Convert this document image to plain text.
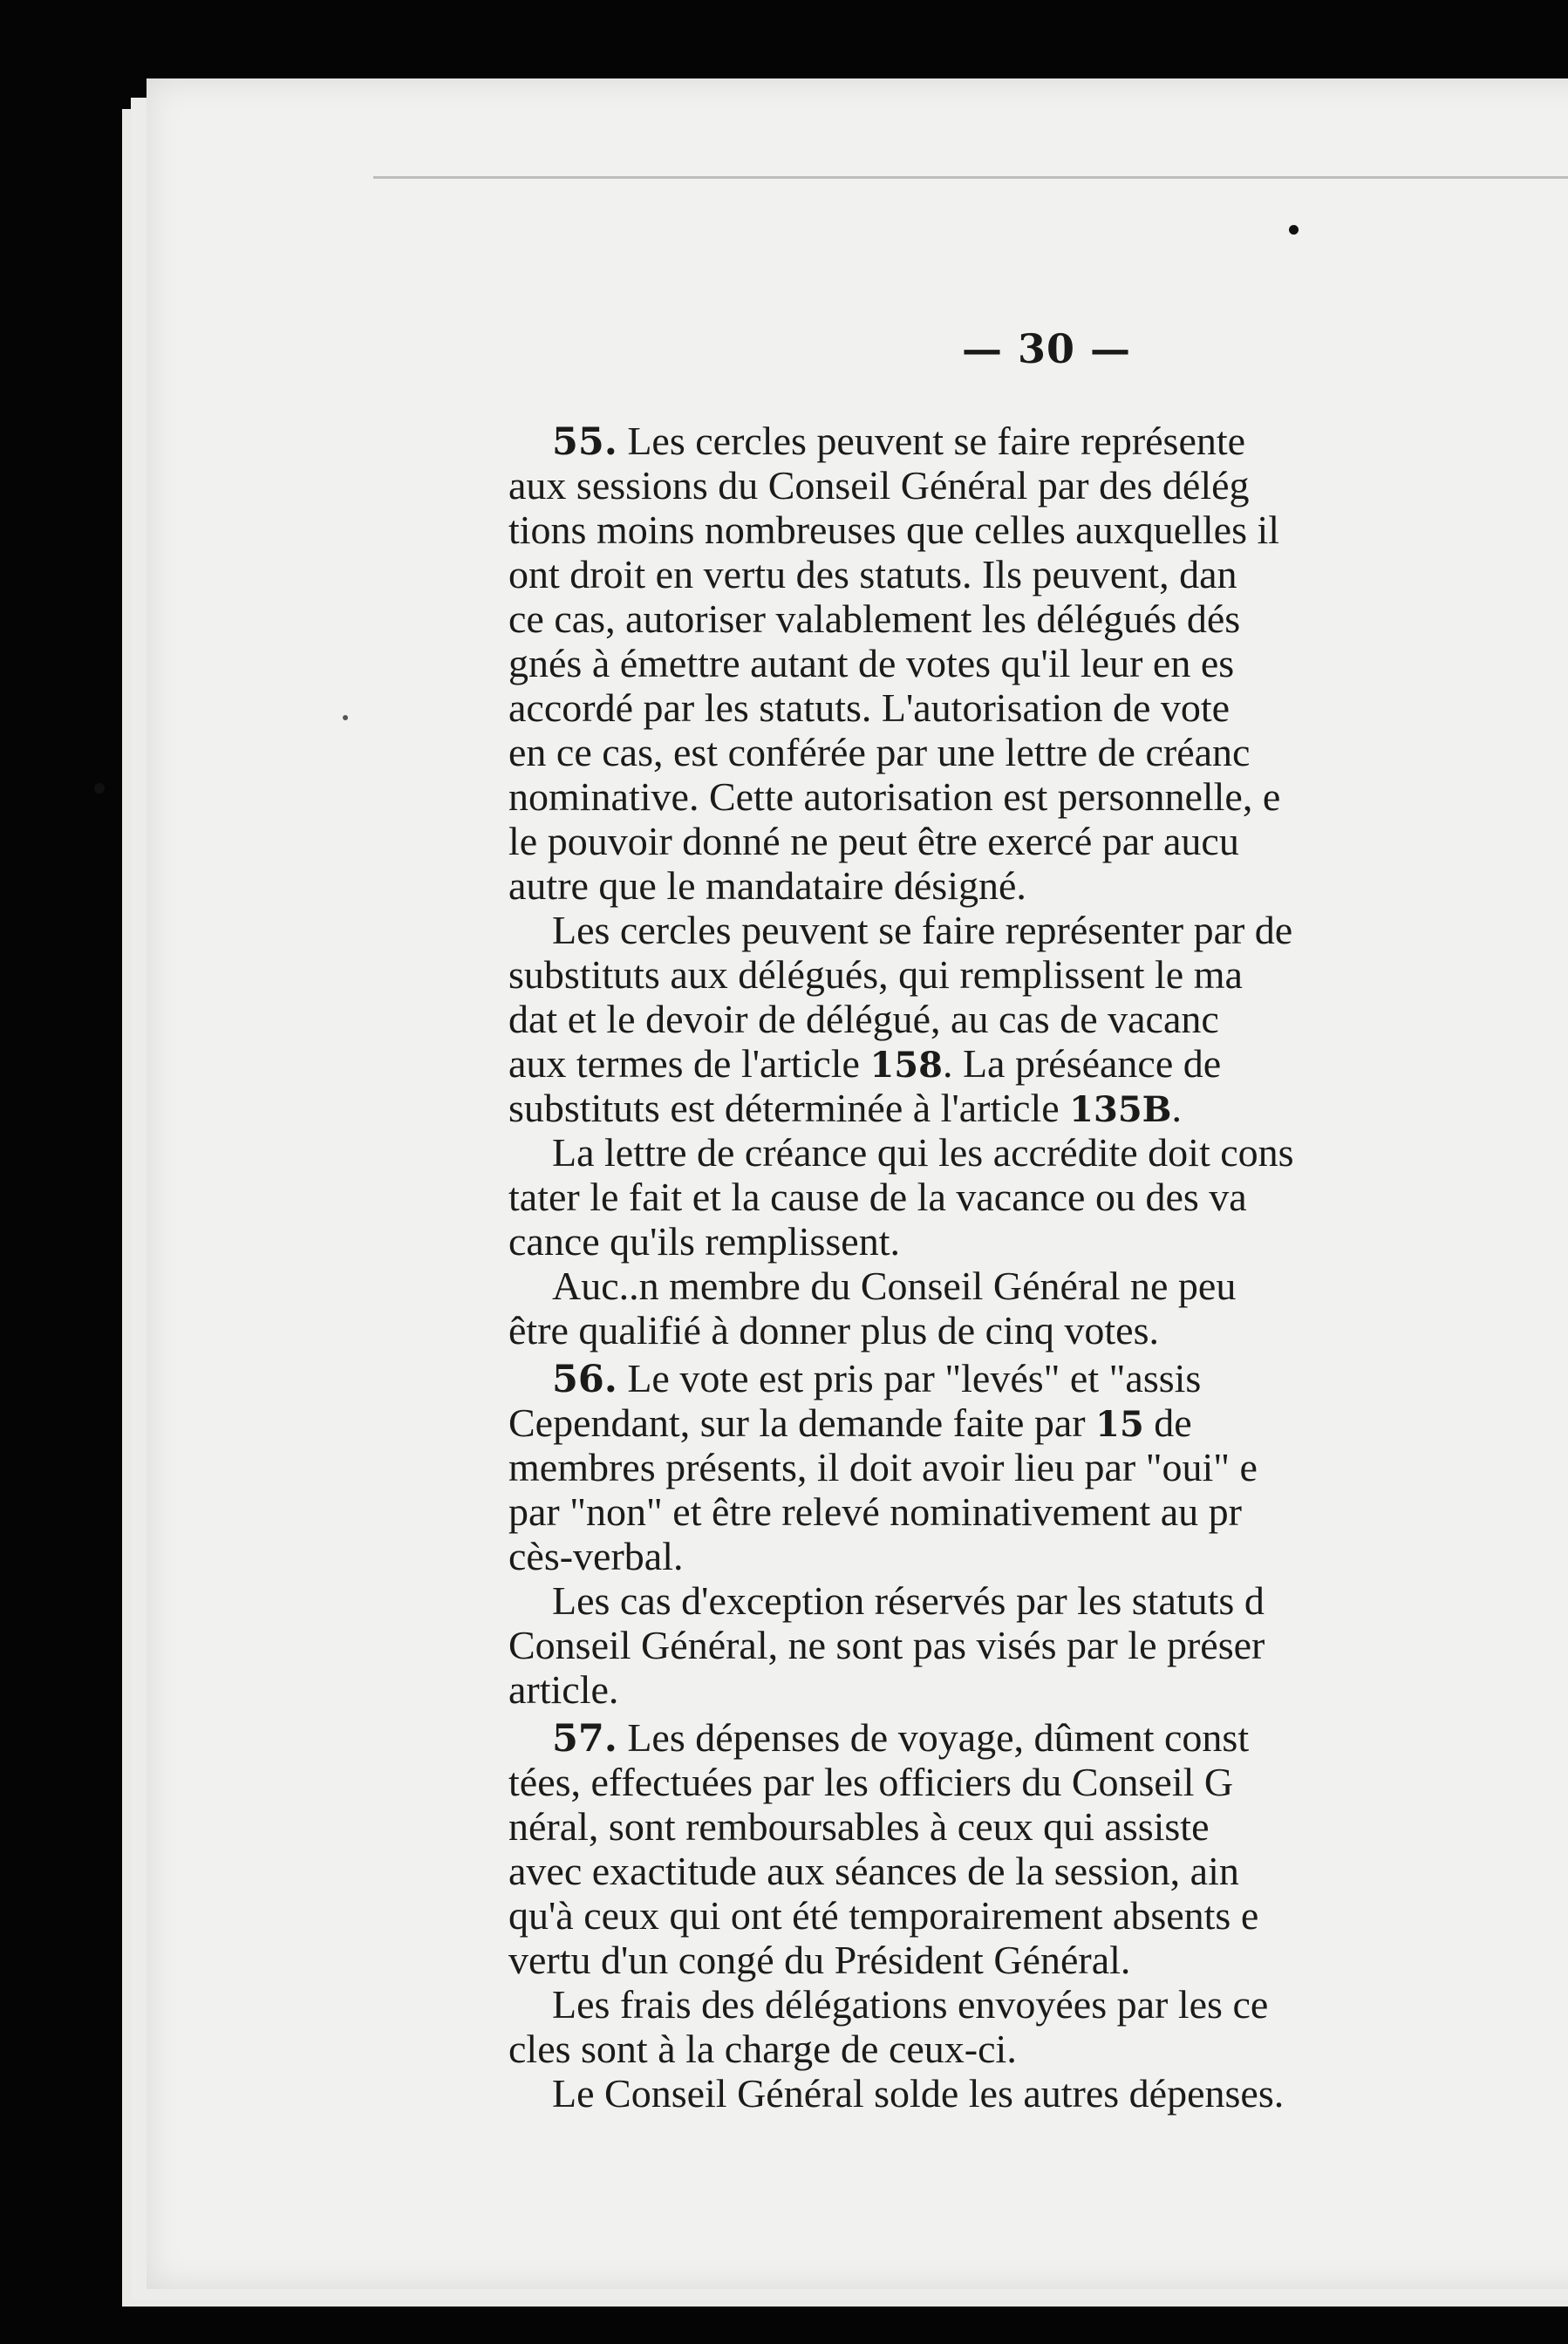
— 30 —

55. Les cercles peuvent se faire représente
aux sessions du Conseil Général par des délég
tions moins nombreuses que celles auxquelles il
ont droit en vertu des statuts. Ils peuvent, dan
ce cas, autoriser valablement les délégués dés
gnés à émettre autant de votes qu'il leur en es
accordé par les statuts. L'autorisation de vote
en ce cas, est conférée par une lettre de créanc
nominative. Cette autorisation est personnelle, e
le pouvoir donné ne peut être exercé par aucu
autre que le mandataire désigné.
Les cercles peuvent se faire représenter par de
substituts aux délégués, qui remplissent le ma
dat et le devoir de délégué, au cas de vacanc
aux termes de l'article 158. La préséance de
substituts est déterminée à l'article 135B.
La lettre de créance qui les accrédite doit cons
tater le fait et la cause de la vacance ou des va
cance qu'ils remplissent.
Auc..n membre du Conseil Général ne peu
être qualifié à donner plus de cinq votes.
56. Le vote est pris par "levés" et "assis
Cependant, sur la demande faite par 15 de
membres présents, il doit avoir lieu par "oui" e
par "non" et être relevé nominativement au pr
cès-verbal.
Les cas d'exception réservés par les statuts d
Conseil Général, ne sont pas visés par le préser
article.
57. Les dépenses de voyage, dûment const
tées, effectuées par les officiers du Conseil G
néral, sont remboursables à ceux qui assiste
avec exactitude aux séances de la session, ain
qu'à ceux qui ont été temporairement absents e
vertu d'un congé du Président Général.
Les frais des délégations envoyées par les ce
cles sont à la charge de ceux-ci.
Le Conseil Général solde les autres dépenses.
